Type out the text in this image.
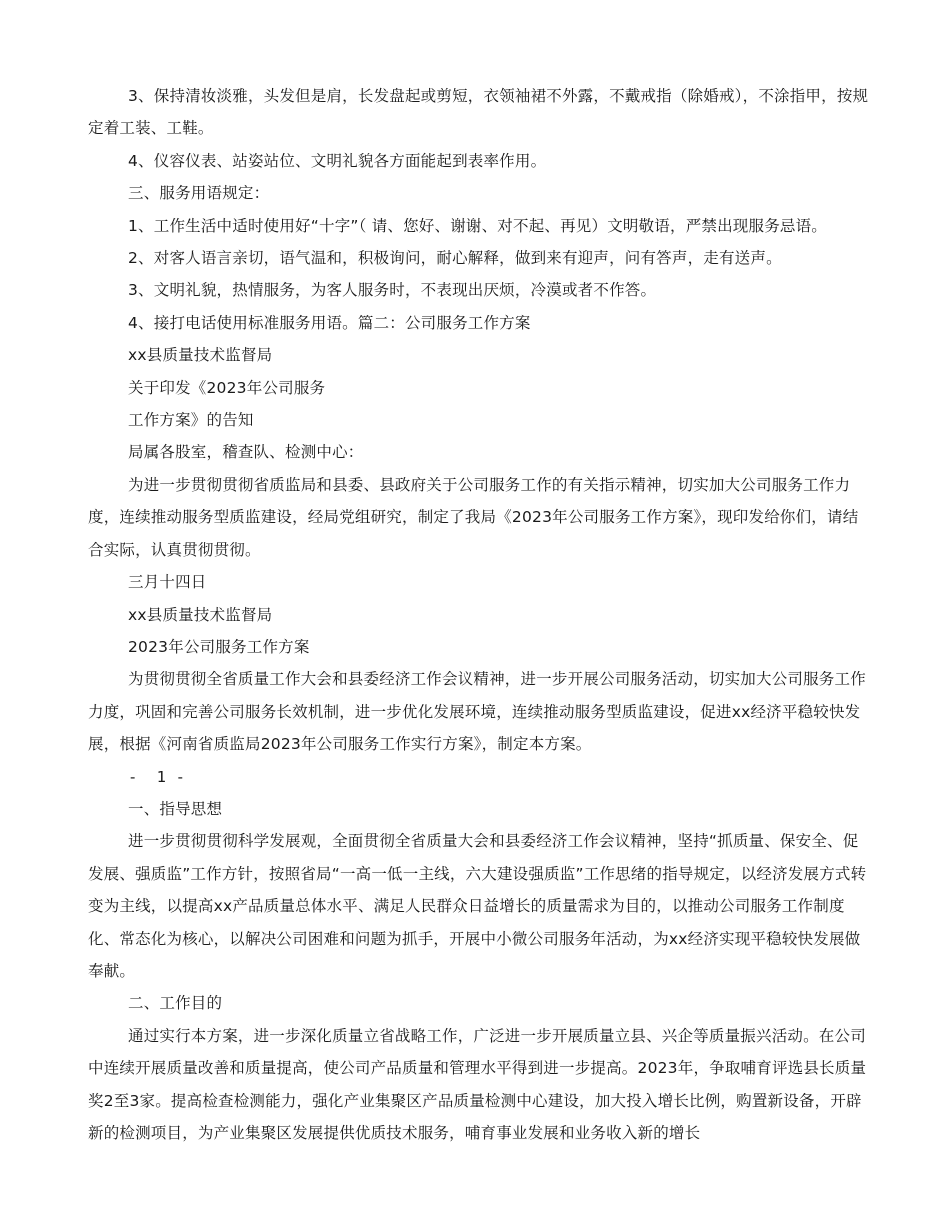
3、保持清妆淡雅，头发但是肩，长发盘起或剪短，衣领袖裙不外露，不戴戒指（除婚戒），不涂指甲，按规定着工装、工鞋。

4、仪容仪表、站姿站位、文明礼貌各方面能起到表率作用。

三、服务用语规定：

1、工作生活中适时使用好“十字”（ 请、您好、谢谢、对不起、再见）文明敬语，严禁出现服务忌语。

2、对客人语言亲切，语气温和，积极询问，耐心解释，做到来有迎声，问有答声，走有送声。

3、文明礼貌，热情服务，为客人服务时，不表现出厌烦，冷漠或者不作答。

4、接打电话使用标准服务用语。篇二：公司服务工作方案

xx县质量技术监督局

关于印发《2023年公司服务

工作方案》的告知

局属各股室，稽查队、检测中心：

为进一步贯彻贯彻省质监局和县委、县政府关于公司服务工作的有关指示精神，切实加大公司服务工作力度，连续推动服务型质监建设，经局党组研究，制定了我局《2023年公司服务工作方案》，现印发给你们，请结合实际，认真贯彻贯彻。

三月十四日

xx县质量技术监督局

2023年公司服务工作方案

为贯彻贯彻全省质量工作大会和县委经济工作会议精神，进一步开展公司服务活动，切实加大公司服务工作力度，巩固和完善公司服务长效机制，进一步优化发展环境，连续推动服务型质监建设，促进xx经济平稳较快发展，根据《河南省质监局2023年公司服务工作实行方案》，制定本方案。

-  1 -

一、指导思想

进一步贯彻贯彻科学发展观，全面贯彻全省质量大会和县委经济工作会议精神，坚持“抓质量、保安全、促发展、强质监”工作方针，按照省局“一高一低一主线，六大建设强质监”工作思绪的指导规定，以经济发展方式转变为主线，以提高xx产品质量总体水平、满足人民群众日益增长的质量需求为目的，以推动公司服务工作制度化、常态化为核心，以解决公司困难和问题为抓手，开展中小微公司服务年活动，为xx经济实现平稳较快发展做奉献。

二、工作目的

通过实行本方案，进一步深化质量立省战略工作，广泛进一步开展质量立县、兴企等质量振兴活动。在公司中连续开展质量改善和质量提高，使公司产品质量和管理水平得到进一步提高。2023年，争取哺育评选县长质量奖2至3家。提高检查检测能力，强化产业集聚区产品质量检测中心建设，加大投入增长比例，购置新设备，开辟新的检测项目，为产业集聚区发展提供优质技术服务，哺育事业发展和业务收入新的增长
